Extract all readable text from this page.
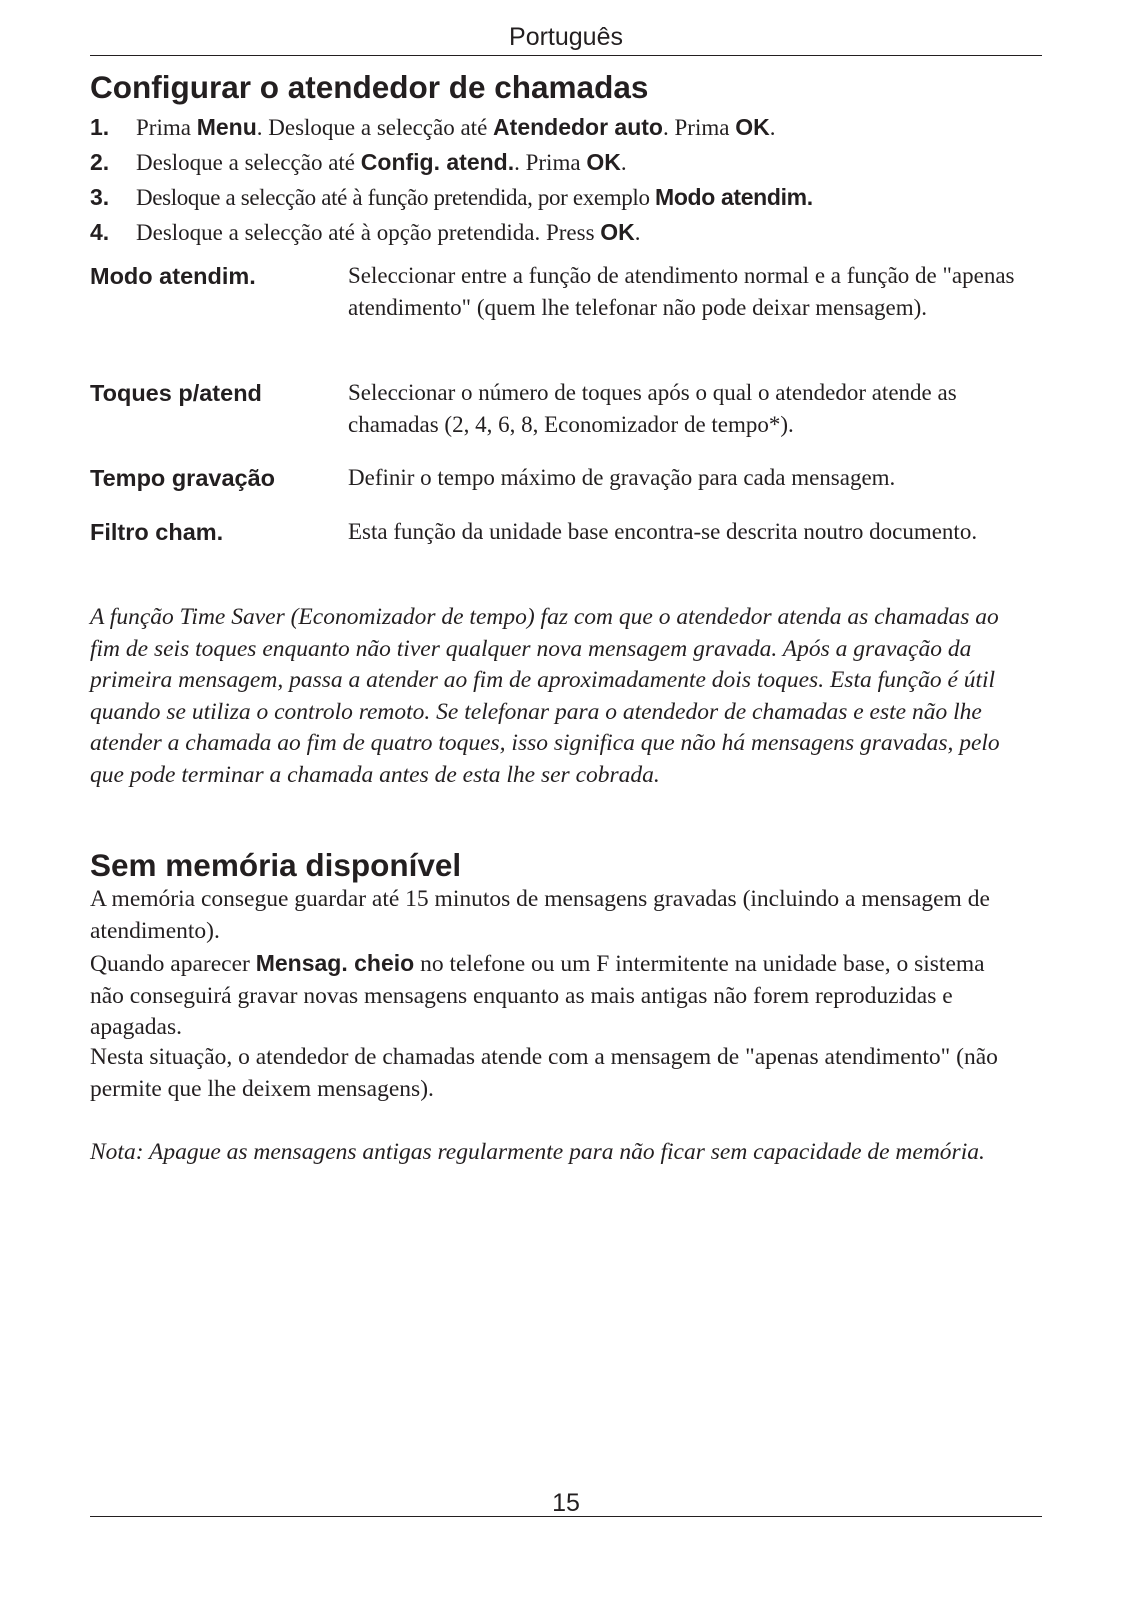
Português
Configurar o atendedor de chamadas
1. Prima Menu. Desloque a selecção até Atendedor auto. Prima OK.
2. Desloque a selecção até Config. atend.. Prima OK.
3. Desloque a selecção até à função pretendida, por exemplo Modo atendim.
4. Desloque a selecção até à opção pretendida. Press OK.
Modo atendim.	Seleccionar entre a função de atendimento normal e a função de "apenas atendimento" (quem lhe telefonar não pode deixar mensagem).
Toques p/atend	Seleccionar o número de toques após o qual o atendedor atende as chamadas (2, 4, 6, 8, Economizador de tempo*).
Tempo gravação	Definir o tempo máximo de gravação para cada mensagem.
Filtro cham.	Esta função da unidade base encontra-se descrita noutro documento.

A função Time Saver (Economizador de tempo) faz com que o atendedor atenda as chamadas ao fim de seis toques enquanto não tiver qualquer nova mensagem gravada. Após a gravação da primeira mensagem, passa a atender ao fim de aproximadamente dois toques. Esta função é útil quando se utiliza o controlo remoto. Se telefonar para o atendedor de chamadas e este não lhe atender a chamada ao fim de quatro toques, isso significa que não há mensagens gravadas, pelo que pode terminar a chamada antes de esta lhe ser cobrada.

Sem memória disponível

A memória consegue guardar até 15 minutos de mensagens gravadas (incluindo a mensagem de atendimento).

Quando aparecer Mensag. cheio no telefone ou um F intermitente na unidade base, o sistema não conseguirá gravar novas mensagens enquanto as mais antigas não forem reproduzidas e apagadas.

Nesta situação, o atendedor de chamadas atende com a mensagem de "apenas atendimento" (não permite que lhe deixem mensagens).

Nota: Apague as mensagens antigas regularmente para não ficar sem capacidade de memória.

15
